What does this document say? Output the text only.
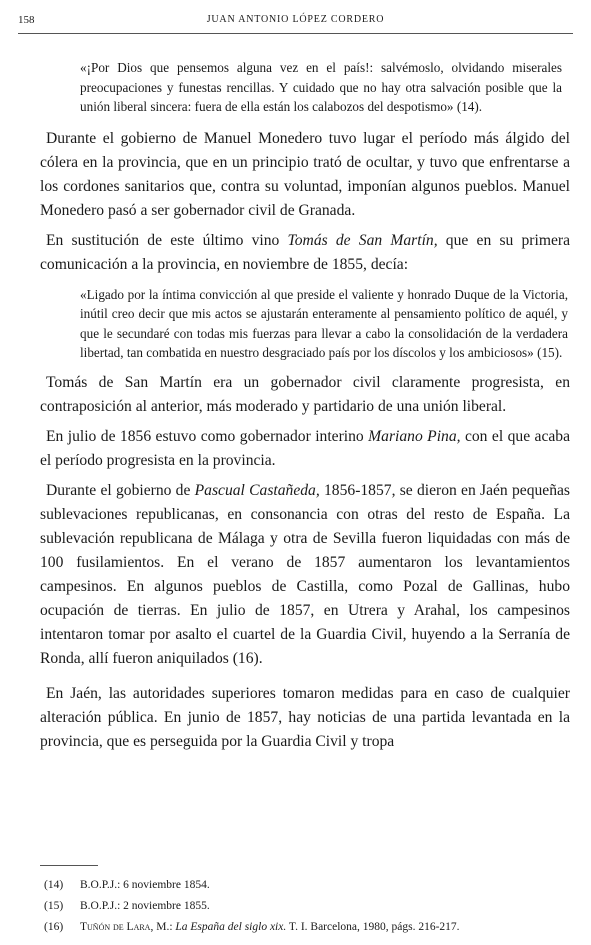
158	JUAN ANTONIO LÓPEZ CORDERO

«¡Por Dios que pensemos alguna vez en el país!: salvémoslo, olvidando miserales preocupaciones y funestas rencillas. Y cuidado que no hay otra salvación posible que la unión liberal sincera: fuera de ella están los calabozos del despotismo» (14).

Durante el gobierno de Manuel Monedero tuvo lugar el período más álgido del cólera en la provincia, que en un principio trató de ocultar, y tuvo que enfrentarse a los cordones sanitarios que, contra su voluntad, imponían algunos pueblos. Manuel Monedero pasó a ser gobernador civil de Granada.

En sustitución de este último vino Tomás de San Martín, que en su primera comunicación a la provincia, en noviembre de 1855, decía:

«Ligado por la íntima convicción al que preside el valiente y honrado Duque de la Victoria, inútil creo decir que mis actos se ajustarán enteramente al pensamiento político de aquél, y que le secundaré con todas mis fuerzas para llevar a cabo la consolidación de la verdadera libertad, tan combatida en nuestro desgraciado país por los díscolos y los ambiciosos» (15).

Tomás de San Martín era un gobernador civil claramente progresista, en contraposición al anterior, más moderado y partidario de una unión liberal.

En julio de 1856 estuvo como gobernador interino Mariano Pina, con el que acaba el período progresista en la provincia.

Durante el gobierno de Pascual Castañeda, 1856-1857, se dieron en Jaén pequeñas sublevaciones republicanas, en consonancia con otras del resto de España. La sublevación republicana de Málaga y otra de Sevilla fueron liquidadas con más de 100 fusilamientos. En el verano de 1857 aumentaron los levantamientos campesinos. En algunos pueblos de Castilla, como Pozal de Gallinas, hubo ocupación de tierras. En julio de 1857, en Utrera y Arahal, los campesinos intentaron tomar por asalto el cuartel de la Guardia Civil, huyendo a la Serranía de Ronda, allí fueron aniquilados (16).

En Jaén, las autoridades superiores tomaron medidas para en caso de cualquier alteración pública. En junio de 1857, hay noticias de una partida levantada en la provincia, que es perseguida por la Guardia Civil y tropa

(14) B.O.P.J.: 6 noviembre 1854.
(15) B.O.P.J.: 2 noviembre 1855.
(16) Tuñón de Lara, M.: La España del siglo xix. T. I. Barcelona, 1980, págs. 216-217.
